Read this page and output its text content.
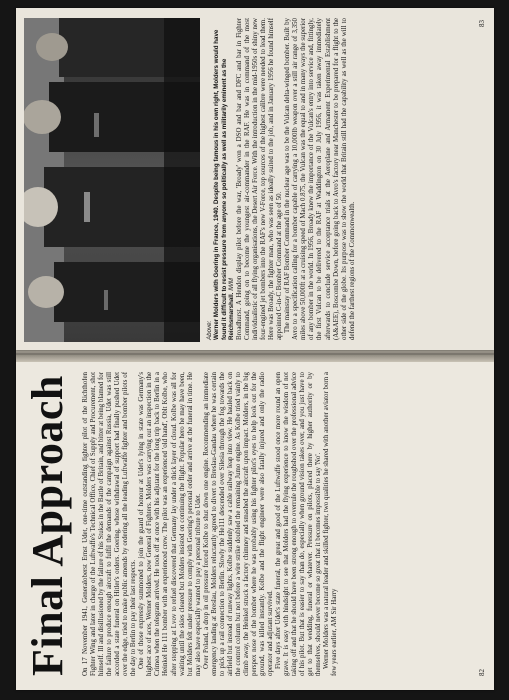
Final Approach On 17 November 1941, Generaloberst Ernst Udet, one-time outstanding fighter pilot of the Richthofen Fighter Wing and later in charge of the Luftwaffe's Technical Office, Chief of Supply and Procurement, shot himself. Ill and disillusioned by the failure of his Stukas in the Battle of Britain, and bitter at being blamed for the failure to produce enough aircraft to fulfil the demands of the campaign against Russia, Udet was still accorded a state funeral on Hitler's orders. Goering, whose withdrawal of support had finally pushed Udet over the edge, tried to make public amends by ordering all the leading Luftwaffe fighter and bomber pilots of the day to Berlin to pay their last respects. One of those expressly summoned to join the guard of honour at Udet's lying in state was Germany's highest ace of aces, Werner Molders, now General of Fighters. Molders was carrying out an inspection in the Crimea when the telegram arrived. He took off at once with his adjutant for the long trip back to Berlin in a Heinkel He 111 bomber with an experienced crew. The pilot was an experienced 'old hand', Oblt Kolbe, who after stopping at Lvov to refuel discovered that Germany lay under a thick layer of cloud. Kolbe was all for waiting until the skies cleared but Molders insisted on continuing the flight. Popular hero he may have been, but Molders felt under pressure to comply with Goering's personal order and arrive at the funeral in time. He may also have especially wanted to pay a personal tribute to Udet. Over Poland, a drop in oil pressure forced Kolbe to shut down one engine. Recommending an immediate emergency landing at Breslau, Molders reluctantly agreed to divert to Breslau-Gandau where he was certain to pick up a rail connection to Berlin. Slowly the He111 descended over Silesia through the fog towards the airfield but instead of runway lights, Kolbe suddenly saw a cable railway leap into view. He hauled back on the control column but not before a wire strike doubled the remaining Jumo engine. As Kolbe tried vainly to climb away, the Heinkel struck a factory chimney and smashed the aircraft upon impact. Molders, in the big perspex nose of the bomber where he was probably using his fighter pilot's eyes to help look out for the ground, was killed instantly. Kolbe and the flight engineer were also fatally injured and only the radio operator and adjutant survived. Five days after Udet's state funeral, the great and good of the Luftwaffe stood once more round an open grave. It is easy with hindsight to see that Molders had the flying experience to know the wisdom of not taking off and that he should have been strong enough to overrule the roughshod over the professional advice of his pilot. But that is easier to say than do, especially when ground vision takes over, and you just have to get to that wedding, funeral or whatever. Pressure on pilots, placed there by higher authority or by themselves, should never become so great that it becomes impossible to say 'No'. Werner Molders was a natural leader and skilled fighter, two qualities he shared with another aviator born a few years earlier, AM Sir Harry	82
Above: Werner Molders with Goering in France, 1940. Despite being famous in his own right, Molders would have found it difficult to resist pressure from anyone so politically as well as militarily eminent as the Reichsmarshall. IWM Broadhurst. A Hendon display pilot before the war, 'Broady' won a DSO and bar and DFC and bar in Fighter Command, going on to become the youngest air-commander in the RAF. He was in command of the most individualistic of all flying organisations, the Desert Air Force. With the introduction in the mid-1950s of shiny new four-engined jet bombers into the RAF's new V-Force, top sources of the highest calibre were needed to lead them. Here was Broady, the fighter man, who was seen as ideally suited to the job, and in January 1956 he found himself appointed C-in-C Bomber Command at the age of 50. The mainstay of RAF Bomber Command in the nuclear age was to be the Vulcan delta-winged bomber. Built by Avro to a specification calling for a bomber capable of carrying a 10,000lb weapon over a still air range of 3,350 miles above 50,000ft at a cruising speed of Mach 0.875, the Vulcan was the equal to and in many ways the superior of any bomber in the world. In 1956, Broady knew the importance of the Vulcan's entry into service and, fittingly, the first Vulcan to be delivered to the RAF at Waddington on 30 July 1956, it was taken away immediately afterwards to conclude service acceptance trials at the Aeroplane and Armament Experimental Establishment (A&AEE), Boscombe Down, before going back to Avro's factory near Manchester to be prepared for a flight to the other side of the globe. Its purpose was to show the world that Britain still had the capability as well as the will to defend the farthest regions of the Commonwealth.

83
